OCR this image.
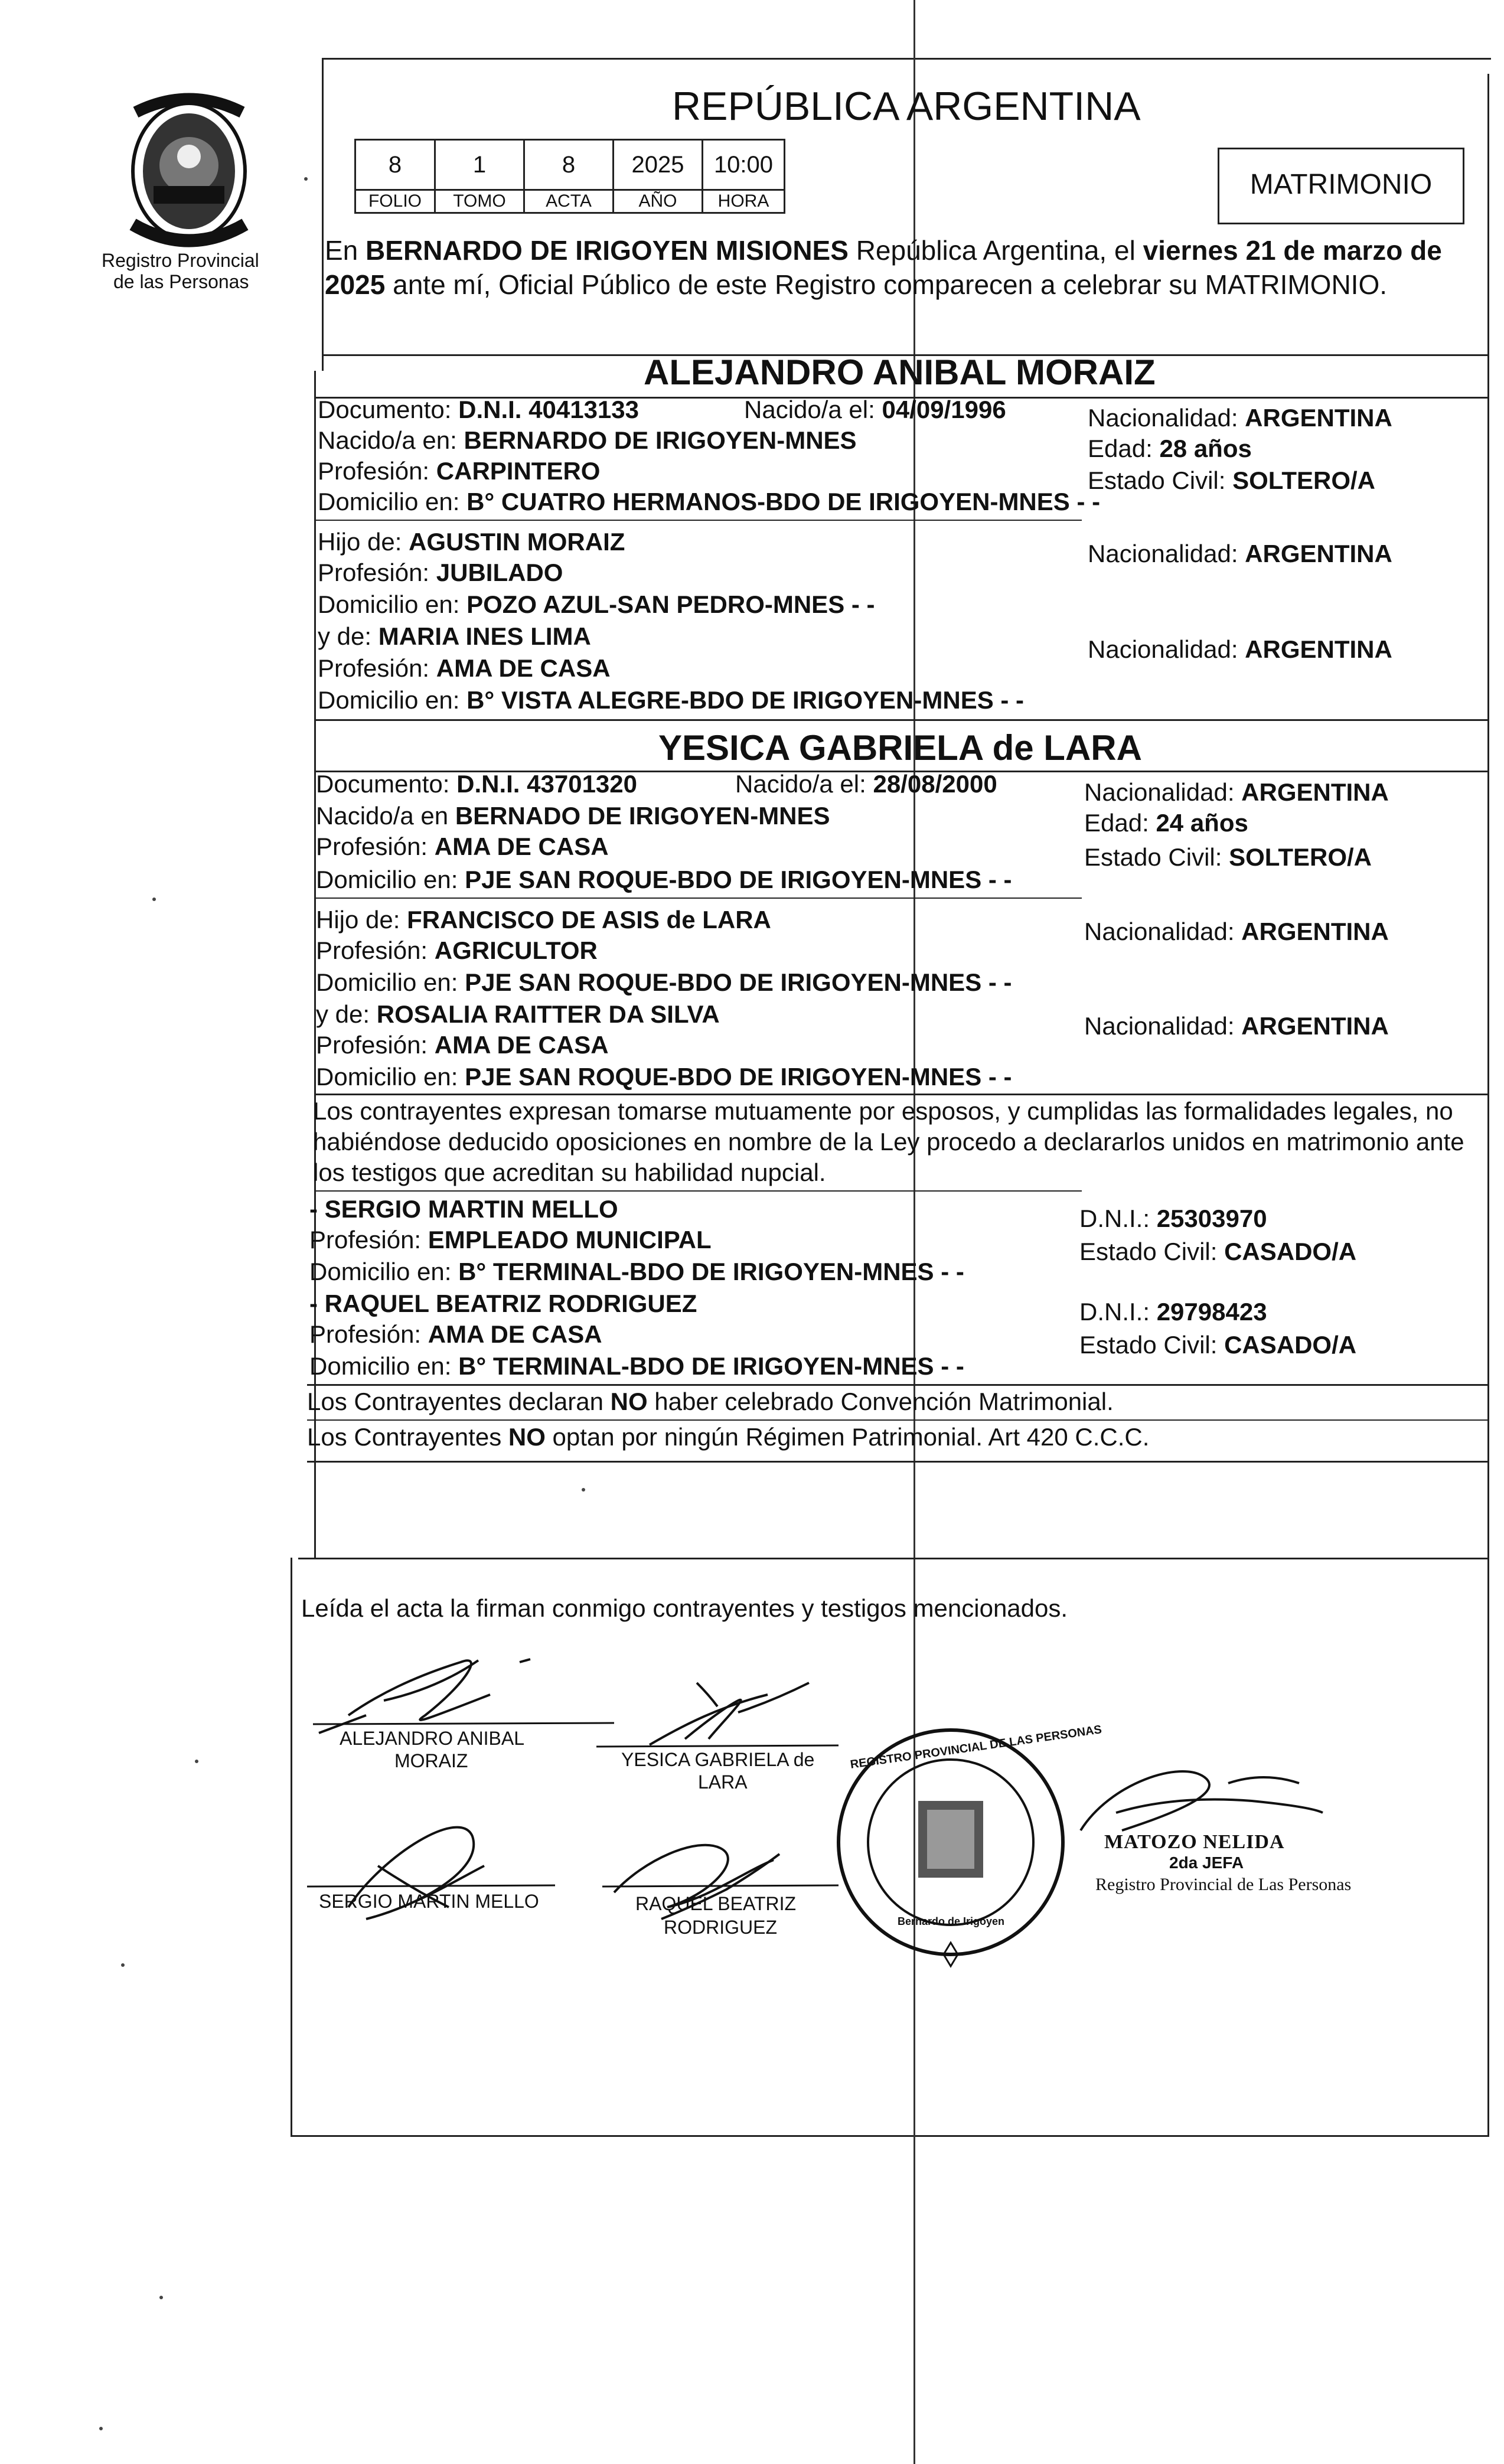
Registro Provincial
de las Personas
REPÚBLICA ARGENTINA
8	1	8	2025	10:00
FOLIO	TOMO	ACTA	AÑO	HORA
MATRIMONIO
En BERNARDO DE IRIGOYEN MISIONES República Argentina, el viernes 21 de marzo de
2025 ante mí, Oficial Público de este Registro comparecen a celebrar su MATRIMONIO.
ALEJANDRO ANIBAL MORAIZ
Documento: D.N.I. 40413133	Nacido/a el: 04/09/1996	Nacionalidad: ARGENTINA
Nacido/a en: BERNARDO DE IRIGOYEN-MNES	Edad: 28 años
Profesión: CARPINTERO	Estado Civil: SOLTERO/A
Domicilio en: B° CUATRO HERMANOS-BDO DE IRIGOYEN-MNES - -
Hijo de: AGUSTIN MORAIZ	Nacionalidad: ARGENTINA
Profesión: JUBILADO
Domicilio en: POZO AZUL-SAN PEDRO-MNES - -
y de: MARIA INES LIMA	Nacionalidad: ARGENTINA
Profesión: AMA DE CASA
Domicilio en: B° VISTA ALEGRE-BDO DE IRIGOYEN-MNES - -
YESICA GABRIELA de LARA
Documento: D.N.I. 43701320	Nacido/a el: 28/08/2000	Nacionalidad: ARGENTINA
Nacido/a en BERNADO DE IRIGOYEN-MNES	Edad: 24 años
Profesión: AMA DE CASA	Estado Civil: SOLTERO/A
Domicilio en: PJE SAN ROQUE-BDO DE IRIGOYEN-MNES - -
Hijo de: FRANCISCO DE ASIS de LARA	Nacionalidad: ARGENTINA
Profesión: AGRICULTOR
Domicilio en: PJE SAN ROQUE-BDO DE IRIGOYEN-MNES - -
y de: ROSALIA RAITTER DA SILVA	Nacionalidad: ARGENTINA
Profesión: AMA DE CASA
Domicilio en: PJE SAN ROQUE-BDO DE IRIGOYEN-MNES - -
Los contrayentes expresan tomarse mutuamente por esposos, y cumplidas las formalidades legales, no
habiéndose deducido oposiciones en nombre de la Ley procedo a declararlos unidos en matrimonio ante
los testigos que acreditan su habilidad nupcial.
- SERGIO MARTIN MELLO	D.N.I.: 25303970
Profesión: EMPLEADO MUNICIPAL	Estado Civil: CASADO/A
Domicilio en: B° TERMINAL-BDO DE IRIGOYEN-MNES - -
- RAQUEL BEATRIZ RODRIGUEZ	D.N.I.: 29798423
Profesión: AMA DE CASA	Estado Civil: CASADO/A
Domicilio en: B° TERMINAL-BDO DE IRIGOYEN-MNES - -
Los Contrayentes declaran NO haber celebrado Convención Matrimonial.
Los Contrayentes NO optan por ningún Régimen Patrimonial. Art 420 C.C.C.
Leída el acta la firman conmigo contrayentes y testigos mencionados.
REGISTRO PROVINCIAL DE LAS PERSONAS
Bernardo de Irigoyen
ALEJANDRO ANIBAL
MORAIZ	YESICA GABRIELA de
LARA
SERGIO MARTIN MELLO	RAQUEL BEATRIZ
RODRIGUEZ
MATOZO NELIDA
2da JEFA
Registro Provincial de Las Personas
